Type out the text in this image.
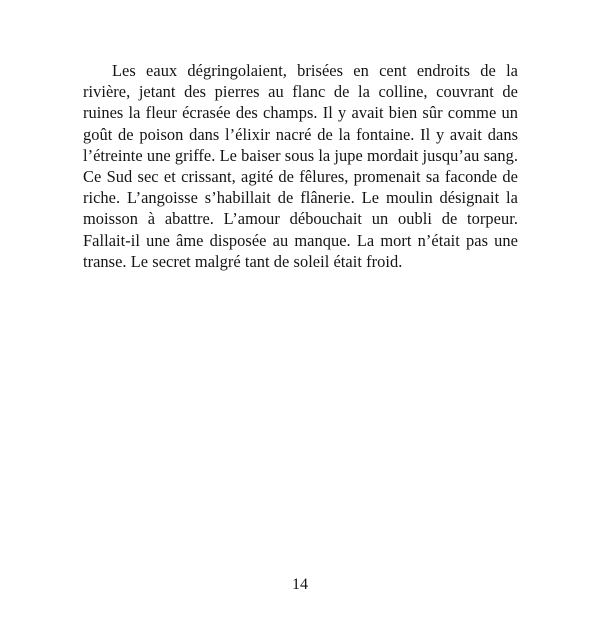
Les eaux dégringolaient, brisées en cent endroits de la rivière, jetant des pierres au flanc de la colline, couvrant de ruines la fleur écrasée des champs. Il y avait bien sûr comme un goût de poison dans l’élixir nacré de la fontaine. Il y avait dans l’étreinte une griffe. Le baiser sous la jupe mordait jusqu’au sang. Ce Sud sec et crissant, agité de fêlures, promenait sa faconde de riche. L’angoisse s’habillait de flânerie. Le moulin désignait la moisson à abattre. L’amour débouchait un oubli de torpeur. Fallait-il une âme disposée au manque. La mort n’était pas une transe. Le secret malgré tant de soleil était froid.

14
